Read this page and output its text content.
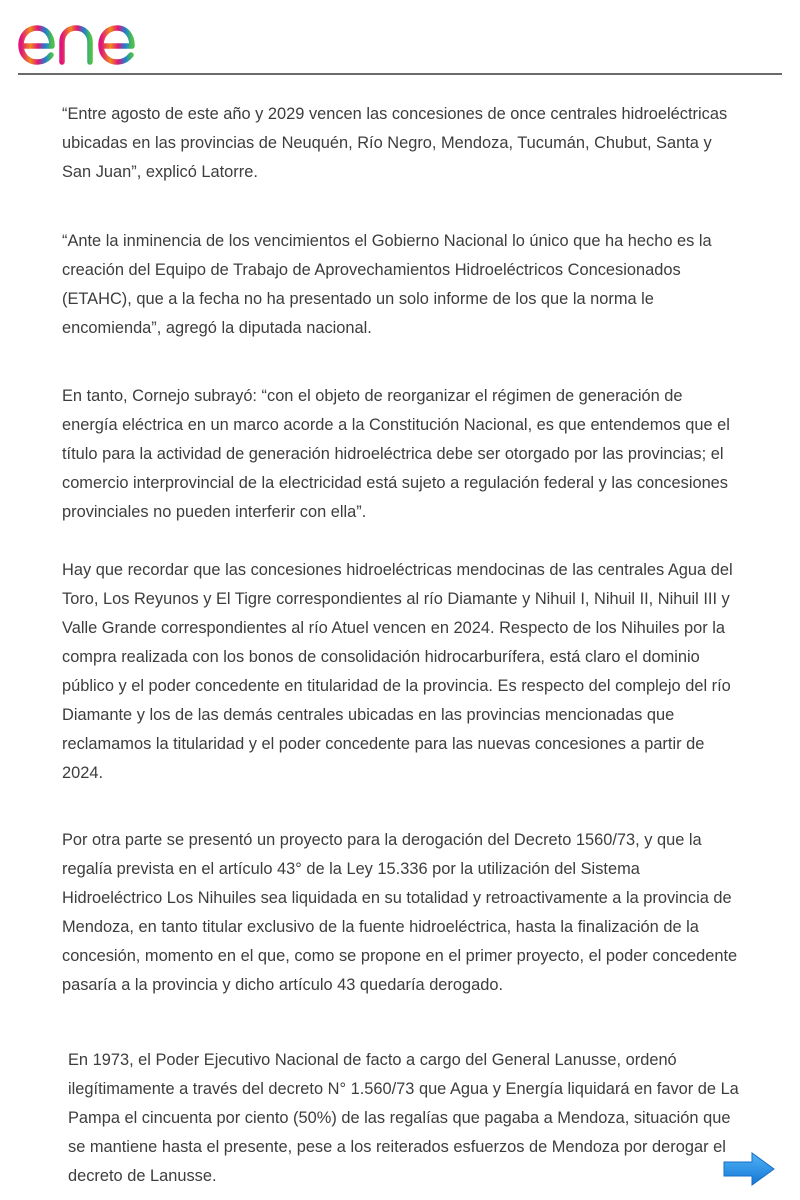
“Entre agosto de este año y 2029 vencen las concesiones de once centrales hidroeléctricas ubicadas en las provincias de Neuquén, Río Negro, Mendoza, Tucumán, Chubut, Santa y San Juan”, explicó Latorre.

“Ante la inminencia de los vencimientos el Gobierno Nacional lo único que ha hecho es la creación del Equipo de Trabajo de Aprovechamientos Hidroeléctricos Concesionados (ETAHC), que a la fecha no ha presentado un solo informe de los que la norma le encomienda”, agregó la diputada nacional.

En tanto, Cornejo subrayó: “con el objeto de reorganizar el régimen de generación de energía eléctrica en un marco acorde a la Constitución Nacional, es que entendemos que el título para la actividad de generación hidroeléctrica debe ser otorgado por las provincias; el comercio interprovincial de la electricidad está sujeto a regulación federal y las concesiones provinciales no pueden interferir con ella”.

Hay que recordar que las concesiones hidroeléctricas mendocinas de las centrales Agua del Toro, Los Reyunos y El Tigre correspondientes al río Diamante y Nihuil I, Nihuil II, Nihuil III y Valle Grande correspondientes al río Atuel vencen en 2024. Respecto de los Nihuiles por la compra realizada con los bonos de consolidación hidrocarburífera, está claro el dominio público y el poder concedente en titularidad de la provincia. Es respecto del complejo del río Diamante y los de las demás centrales ubicadas en las provincias mencionadas que reclamamos la titularidad y el poder concedente para las nuevas concesiones a partir de 2024.

Por otra parte se presentó un proyecto para la derogación del Decreto 1560/73, y que la regalía prevista en el artículo 43° de la Ley 15.336 por la utilización del Sistema Hidroeléctrico Los Nihuiles sea liquidada en su totalidad y retroactivamente a la provincia de Mendoza, en tanto titular exclusivo de la fuente hidroeléctrica, hasta la finalización de la concesión, momento en el que, como se propone en el primer proyecto, el poder concedente pasaría a la provincia y dicho artículo 43 quedaría derogado.

En 1973, el Poder Ejecutivo Nacional de facto a cargo del General Lanusse, ordenó ilegítimamente a través del decreto N° 1.560/73 que Agua y Energía liquidará en favor de La Pampa el cincuenta por ciento (50%) de las regalías que pagaba a Mendoza, situación que se mantiene hasta el presente, pese a los reiterados esfuerzos de Mendoza por derogar el decreto de Lanusse.
